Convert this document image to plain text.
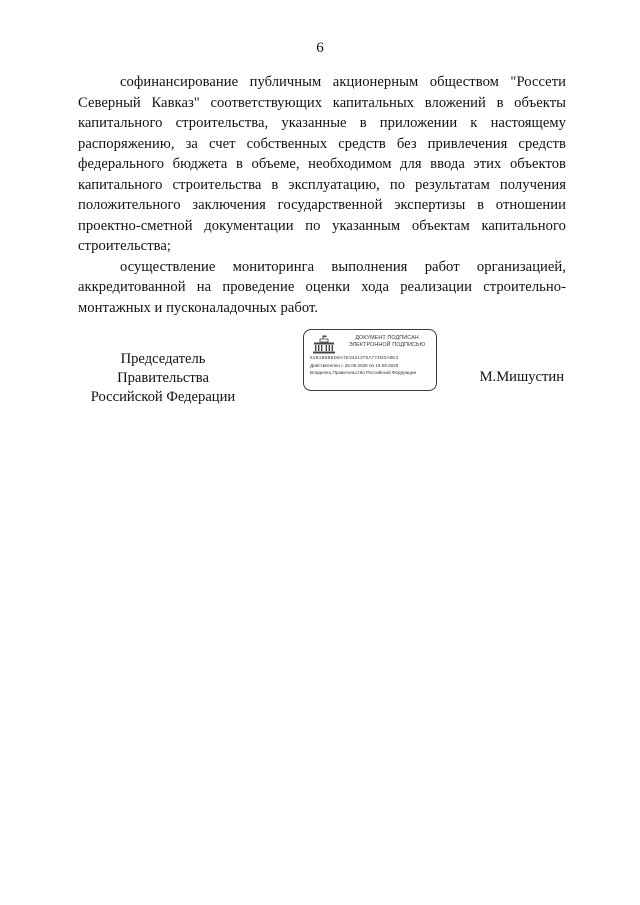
6

софинансирование публичным акционерным обществом "Россети Северный Кавказ" соответствующих капитальных вложений в объекты капитального строительства, указанные в приложении к настоящему распоряжению, за счет собственных средств без привлечения средств федерального бюджета в объеме, необходимом для ввода этих объектов капитального строительства в эксплуатацию, по результатам получения положительного заключения государственной экспертизы в отношении проектно-сметной документации по указанным объектам капитального строительства;

осуществление мониторинга выполнения работ организацией, аккредитованной на проведение оценки хода реализации строительно-монтажных и пусконаладочных работ.

Председатель Правительства
Российской Федерации
ДОКУМЕНТ ПОДПИСАН
ЭЛЕКТРОННОЙ ПОДПИСЬЮ
51B1B6B5D8A7E3421370A774D0A9E3
Действителен с 26.05.2025 по 19.08.2026
Владелец Правительство Российской Федерации	М.Мишустин
